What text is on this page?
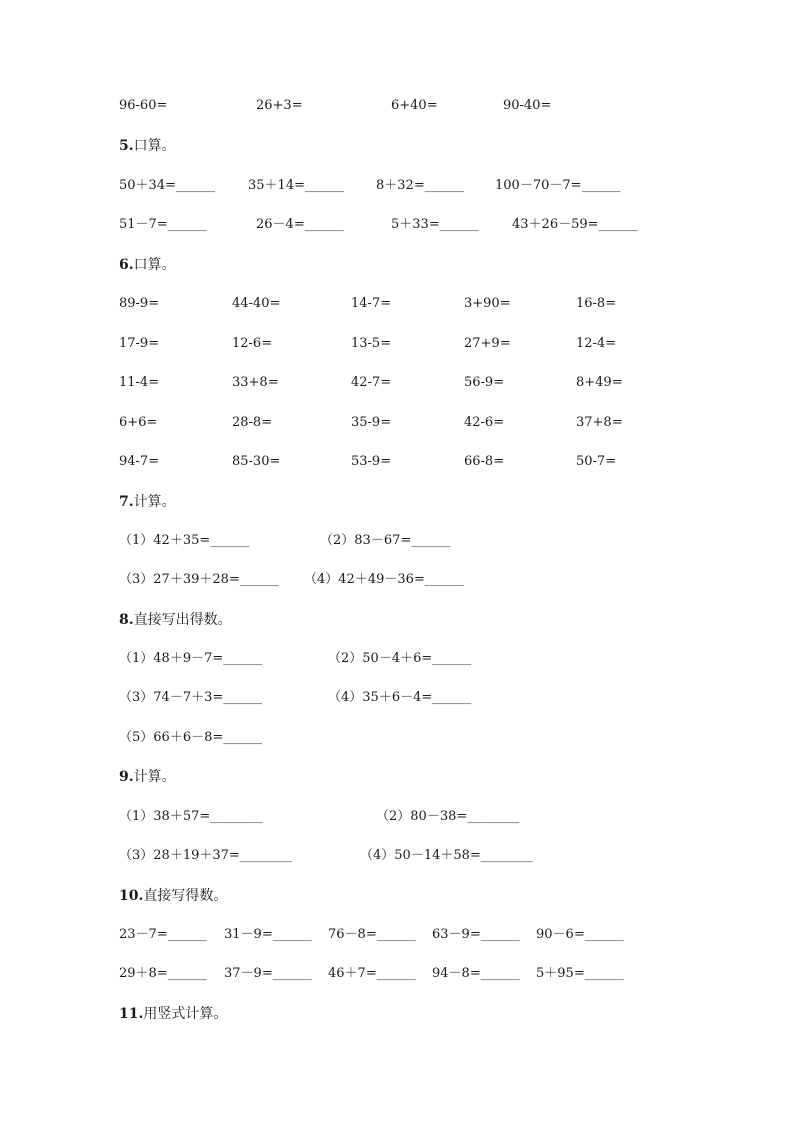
96-60=	26+3=	6+40=	90-40=
5.口算。
50＋34=______	35＋14=______ 8＋32=______ 100－70－7=______
51－7=______	26－4=______	5＋33=______	43＋26－59=______
6.口算。
89-9=	44-40=	14-7=	3+90=	16-8=
17-9=	12-6=	13-5=	27+9=	12-4=
11-4=	33+8=	42-7=	56-9=	8+49=
6+6=	28-8=	35-9=	42-6=	37+8=
94-7=	85-30=	53-9=	66-8=	50-7=
7.计算。
（1）42＋35=______	（2）83－67=______
（3）27＋39＋28=______ （4）42＋49－36=______
8.直接写出得数。
（1）48＋9－7=______	（2）50－4＋6=______
（3）74－7＋3=______	（4）35＋6－4=______
（5）66＋6－8=______
9.计算。
（1）38＋57=________	（2）80－38=________
（3）28＋19＋37=________	（4）50－14＋58=________
10.直接写得数。
23－7=______ 31－9=______ 76－8=______ 63－9=______ 90－6=______
29＋8=______ 37－9=______ 46＋7=______ 94－8=______ 5＋95=______
11.用竖式计算。
